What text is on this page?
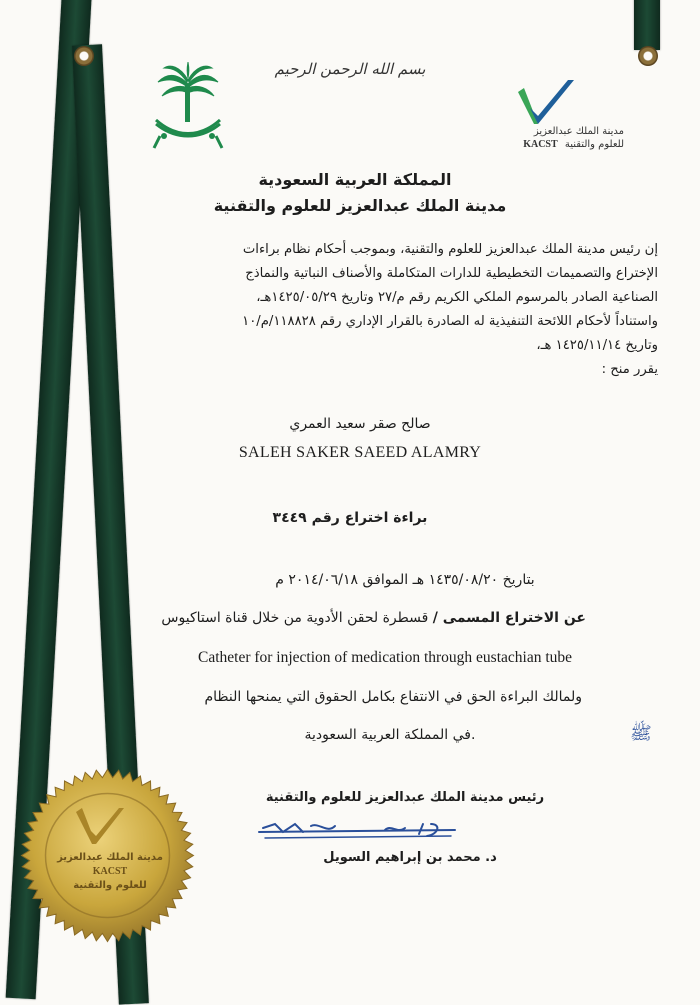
بسم الله الرحمن الرحيم
مدينة الملك عبدالعزيز
للعلوم والتقنية KACST
المملكة العربية السعودية
مدينة الملك عبدالعزيز للعلوم والتقنية
إن رئيس مدينة الملك عبدالعزيز للعلوم والتقنية، وبموجب أحكام نظام براءات
الإختراع والتصميمات التخطيطية للدارات المتكاملة والأصناف النباتية والنماذج
الصناعية الصادر بالمرسوم الملكي الكريم رقم م/٢٧ وتاريخ ١٤٢٥/٠٥/٢٩هـ،
واستناداً لأحكام اللائحة التنفيذية له الصادرة بالقرار الإداري رقم ١١٨٨٢٨/م/١٠
وتاريخ ١٤٢٥/١١/١٤ هـ،
يقرر منح :
صالح صقر سعيد العمري
SALEH SAKER SAEED ALAMRY
براءة اختراع رقم ٣٤٤٩
بتاريخ ١٤٣٥/٠٨/٢٠ هـ الموافق ٢٠١٤/٠٦/١٨ م
عن الاختراع المسمى / قسطرة لحقن الأدوية من خلال قناة استاكيوس
Catheter for injection of medication through eustachian tube
ولمالك البراءة الحق في الانتفاع بكامل الحقوق التي يمنحها النظام
في المملكة العربية السعودية.	ﷺ
رئيس مدينة الملك عبدالعزيز للعلوم والتقنية
د. محمد بن إبراهيم السويل
مدينة الملك عبدالعزيز
KACST
للعلوم والتقنية
